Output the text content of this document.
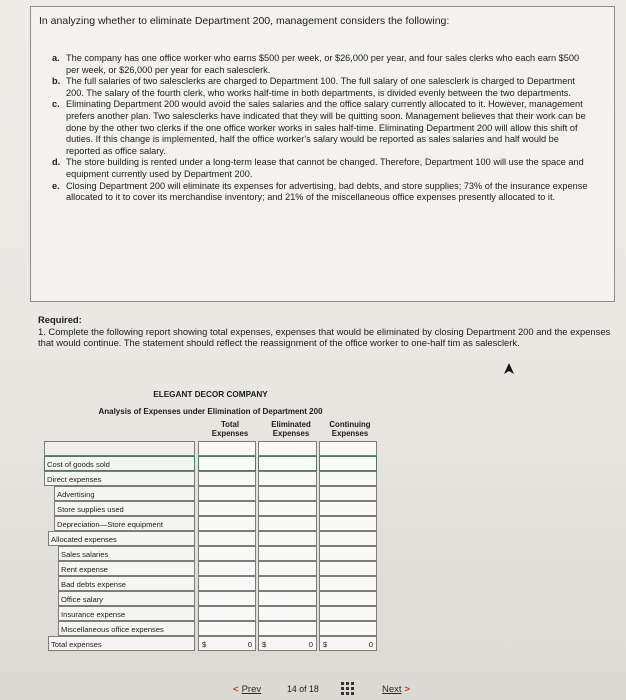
In analyzing whether to eliminate Department 200, management considers the following:
a. The company has one office worker who earns $500 per week, or $26,000 per year, and four sales clerks who each earn $500 per week, or $26,000 per year for each salesclerk.
b. The full salaries of two salesclerks are charged to Department 100. The full salary of one salesclerk is charged to Department 200. The salary of the fourth clerk, who works half-time in both departments, is divided evenly between the two departments.
c. Eliminating Department 200 would avoid the sales salaries and the office salary currently allocated to it. However, management prefers another plan. Two salesclerks have indicated that they will be quitting soon. Management believes that their work can be done by the other two clerks if the one office worker works in sales half-time. Eliminating Department 200 will allow this shift of duties. If this change is implemented, half the office worker's salary would be reported as sales salaries and half would be reported as office salary.
d. The store building is rented under a long-term lease that cannot be changed. Therefore, Department 100 will use the space and equipment currently used by Department 200.
e. Closing Department 200 will eliminate its expenses for advertising, bad debts, and store supplies; 73% of the insurance expense allocated to it to cover its merchandise inventory; and 21% of the miscellaneous office expenses presently allocated to it.
Required:
1. Complete the following report showing total expenses, expenses that would be eliminated by closing Department 200 and the expenses that would continue. The statement should reflect the reassignment of the office worker to one-half tim as salesclerk.
ELEGANT DECOR COMPANY
Analysis of Expenses under Elimination of Department 200
Total Expenses
Eliminated Expenses
Continuing Expenses
Cost of goods sold
Direct expenses
Advertising
Store supplies used
Depreciation—Store equipment
Allocated expenses
Sales salaries
Rent expense
Bad debts expense
Office salary
Insurance expense
Miscellaneous office expenses
Total expenses	$	0 $	0 $	0
< Prev	14 of 18	Next >
